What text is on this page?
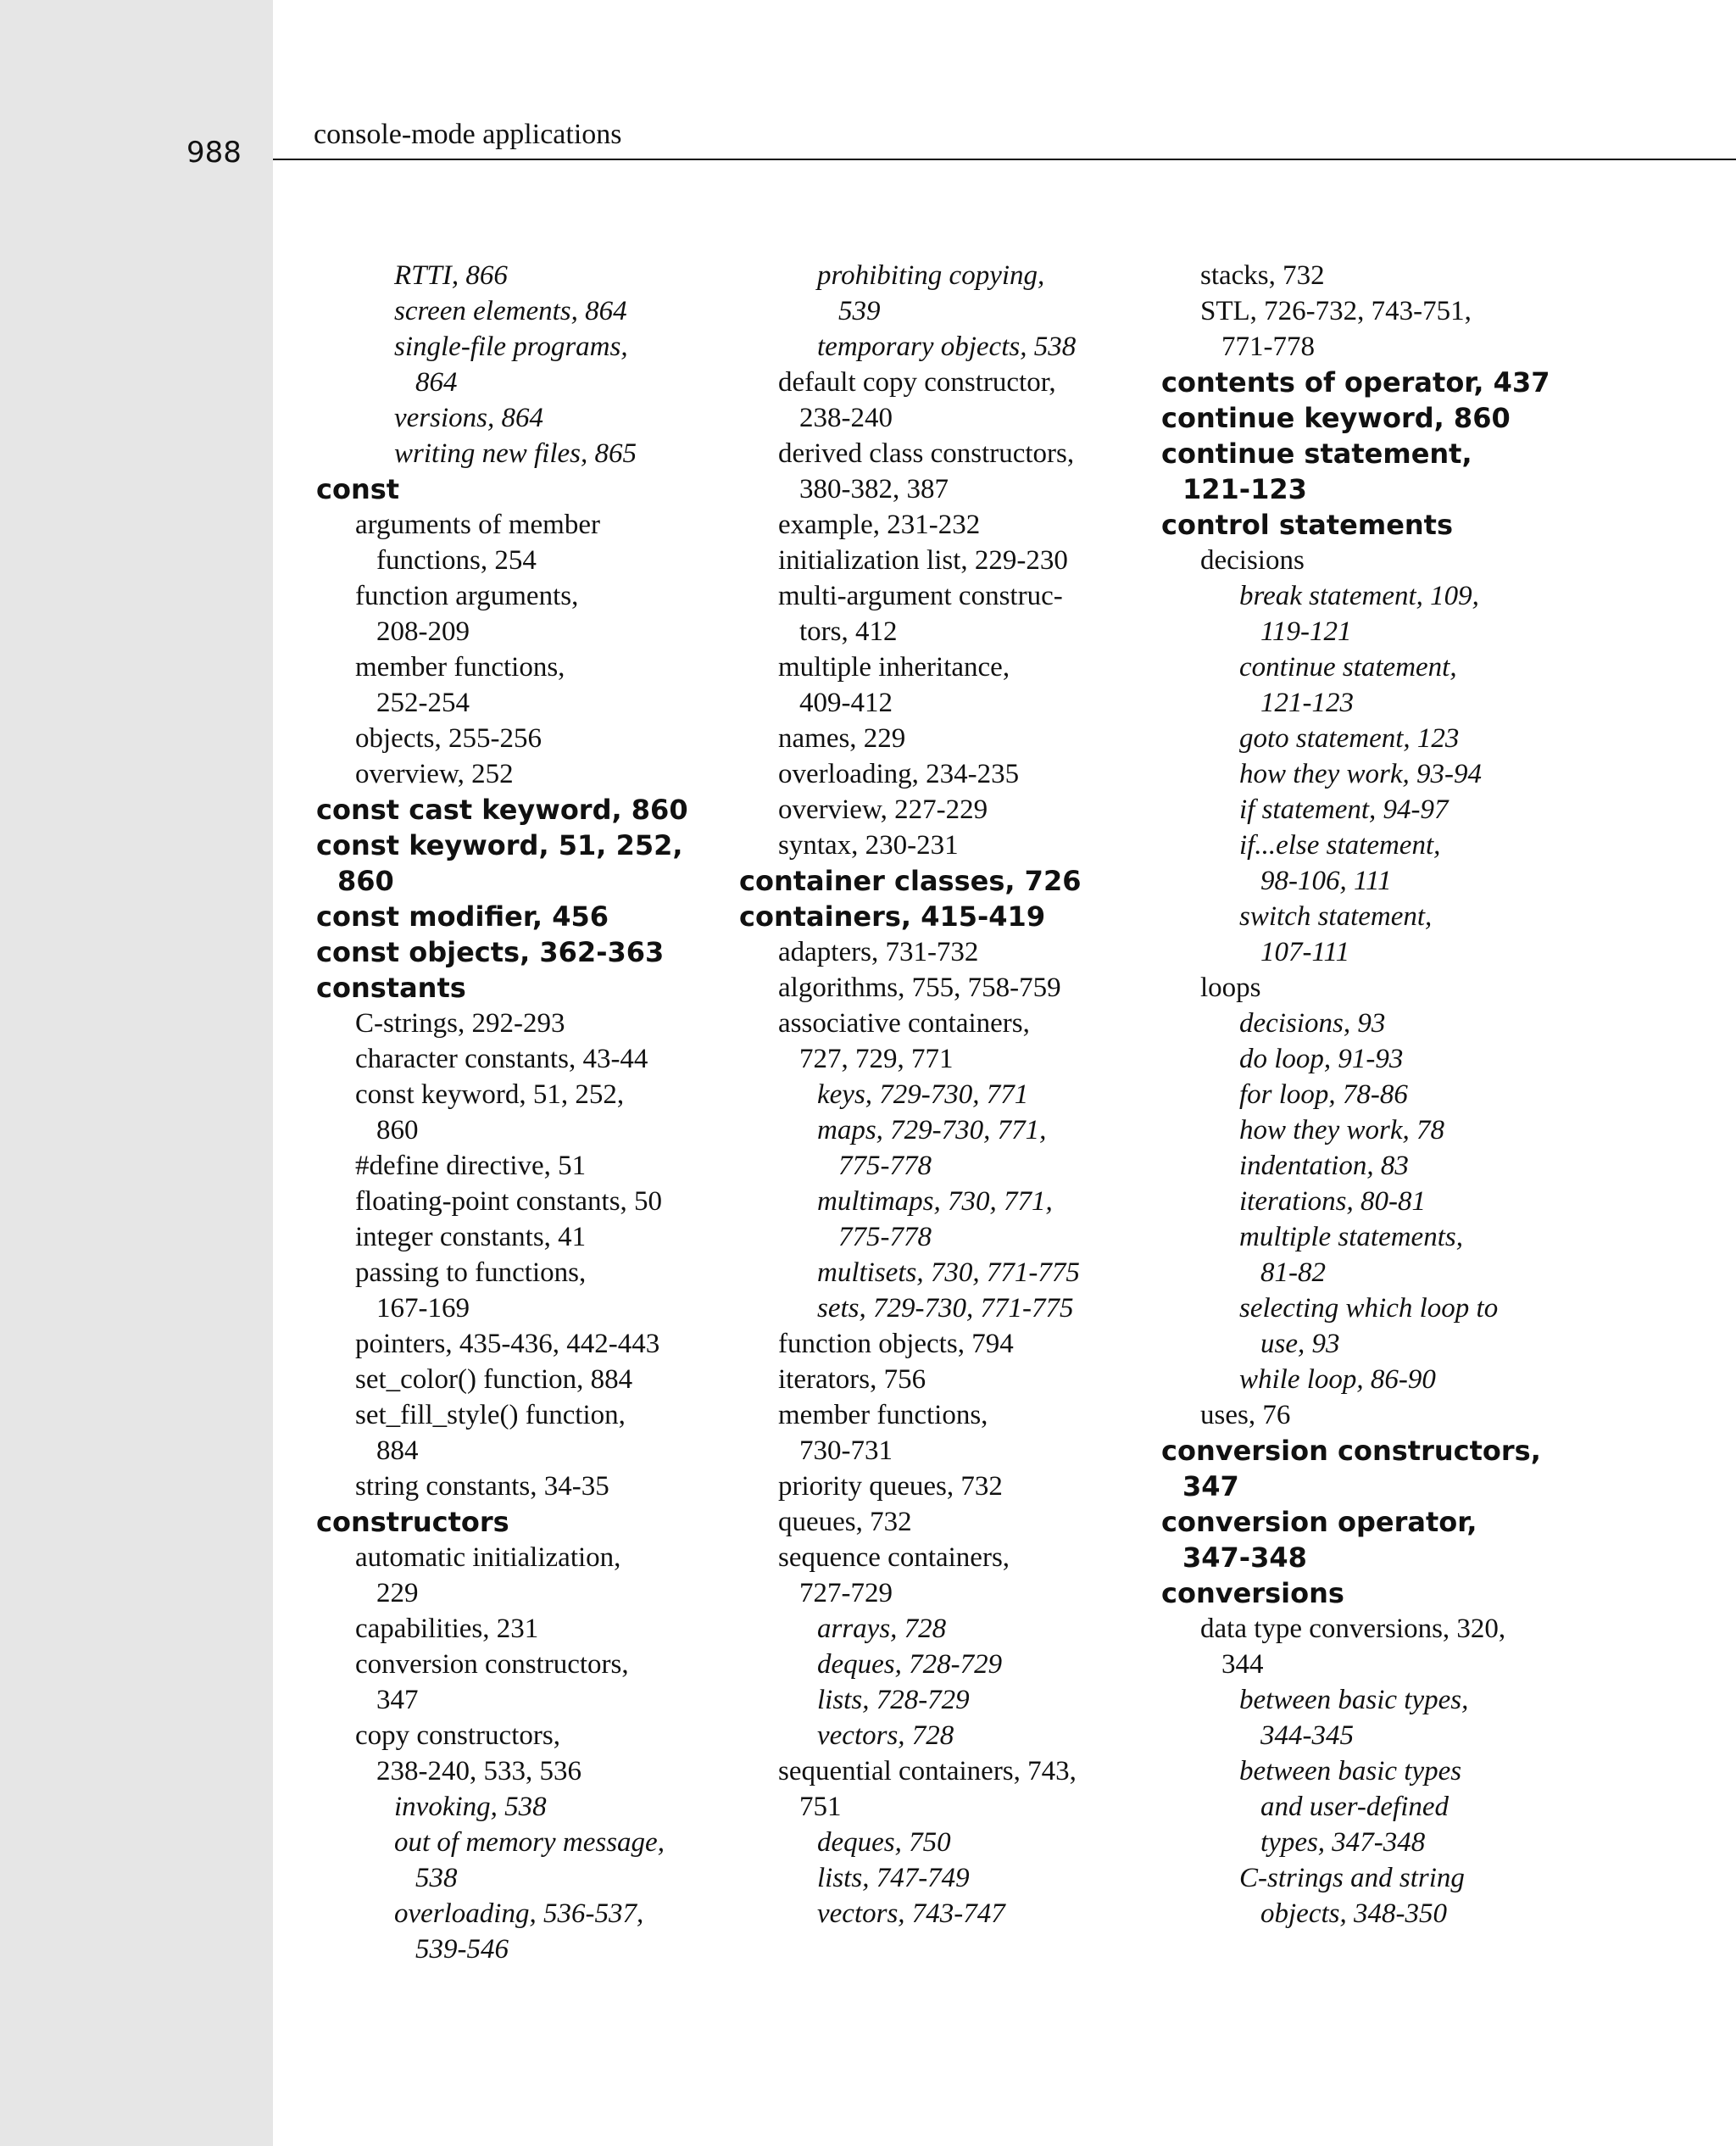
988
console-mode applications
RTTI, 866
screen elements, 864
single-file programs,
864
versions, 864
writing new files, 865
const
arguments of member
functions, 254
function arguments,
208-209
member functions,
252-254
objects, 255-256
overview, 252
const cast keyword, 860
const keyword, 51, 252,
860
const modifier, 456
const objects, 362-363
constants
C-strings, 292-293
character constants, 43-44
const keyword, 51, 252,
860
#define directive, 51
floating-point constants, 50
integer constants, 41
passing to functions,
167-169
pointers, 435-436, 442-443
set_color() function, 884
set_fill_style() function,
884
string constants, 34-35
constructors
automatic initialization,
229
capabilities, 231
conversion constructors,
347
copy constructors,
238-240, 533, 536
invoking, 538
out of memory message,
538
overloading, 536-537,
539-546
prohibiting copying,
539
temporary objects, 538
default copy constructor,
238-240
derived class constructors,
380-382, 387
example, 231-232
initialization list, 229-230
multi-argument construc-
tors, 412
multiple inheritance,
409-412
names, 229
overloading, 234-235
overview, 227-229
syntax, 230-231
container classes, 726
containers, 415-419
adapters, 731-732
algorithms, 755, 758-759
associative containers,
727, 729, 771
keys, 729-730, 771
maps, 729-730, 771,
775-778
multimaps, 730, 771,
775-778
multisets, 730, 771-775
sets, 729-730, 771-775
function objects, 794
iterators, 756
member functions,
730-731
priority queues, 732
queues, 732
sequence containers,
727-729
arrays, 728
deques, 728-729
lists, 728-729
vectors, 728
sequential containers, 743,
751
deques, 750
lists, 747-749
vectors, 743-747
stacks, 732
STL, 726-732, 743-751,
771-778
contents of operator, 437
continue keyword, 860
continue statement,
121-123
control statements
decisions
break statement, 109,
119-121
continue statement,
121-123
goto statement, 123
how they work, 93-94
if statement, 94-97
if...else statement,
98-106, 111
switch statement,
107-111
loops
decisions, 93
do loop, 91-93
for loop, 78-86
how they work, 78
indentation, 83
iterations, 80-81
multiple statements,
81-82
selecting which loop to
use, 93
while loop, 86-90
uses, 76
conversion constructors,
347
conversion operator,
347-348
conversions
data type conversions, 320,
344
between basic types,
344-345
between basic types
and user-defined
types, 347-348
C-strings and string
objects, 348-350
